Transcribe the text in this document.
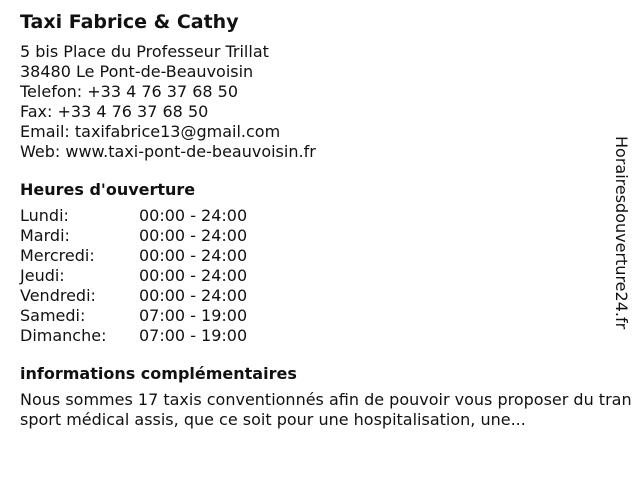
Taxi Fabrice & Cathy
5 bis Place du Professeur Trillat
38480 Le Pont-de-Beauvoisin
Telefon: +33 4 76 37 68 50
Fax: +33 4 76 37 68 50
Email: taxifabrice13@gmail.com
Web: www.taxi-pont-de-beauvoisin.fr
Heures d'ouverture
Lundi:	00:00 - 24:00
Mardi:	00:00 - 24:00
Mercredi:	00:00 - 24:00
Jeudi:	00:00 - 24:00
Vendredi:	00:00 - 24:00
Samedi:	07:00 - 19:00
Dimanche:	07:00 - 19:00
informations complémentaires
Nous sommes 17 taxis conventionnés afin de pouvoir vous proposer du transport médical assis, que ce soit pour une hospitalisation, une...
Horairesdouverture24.fr
